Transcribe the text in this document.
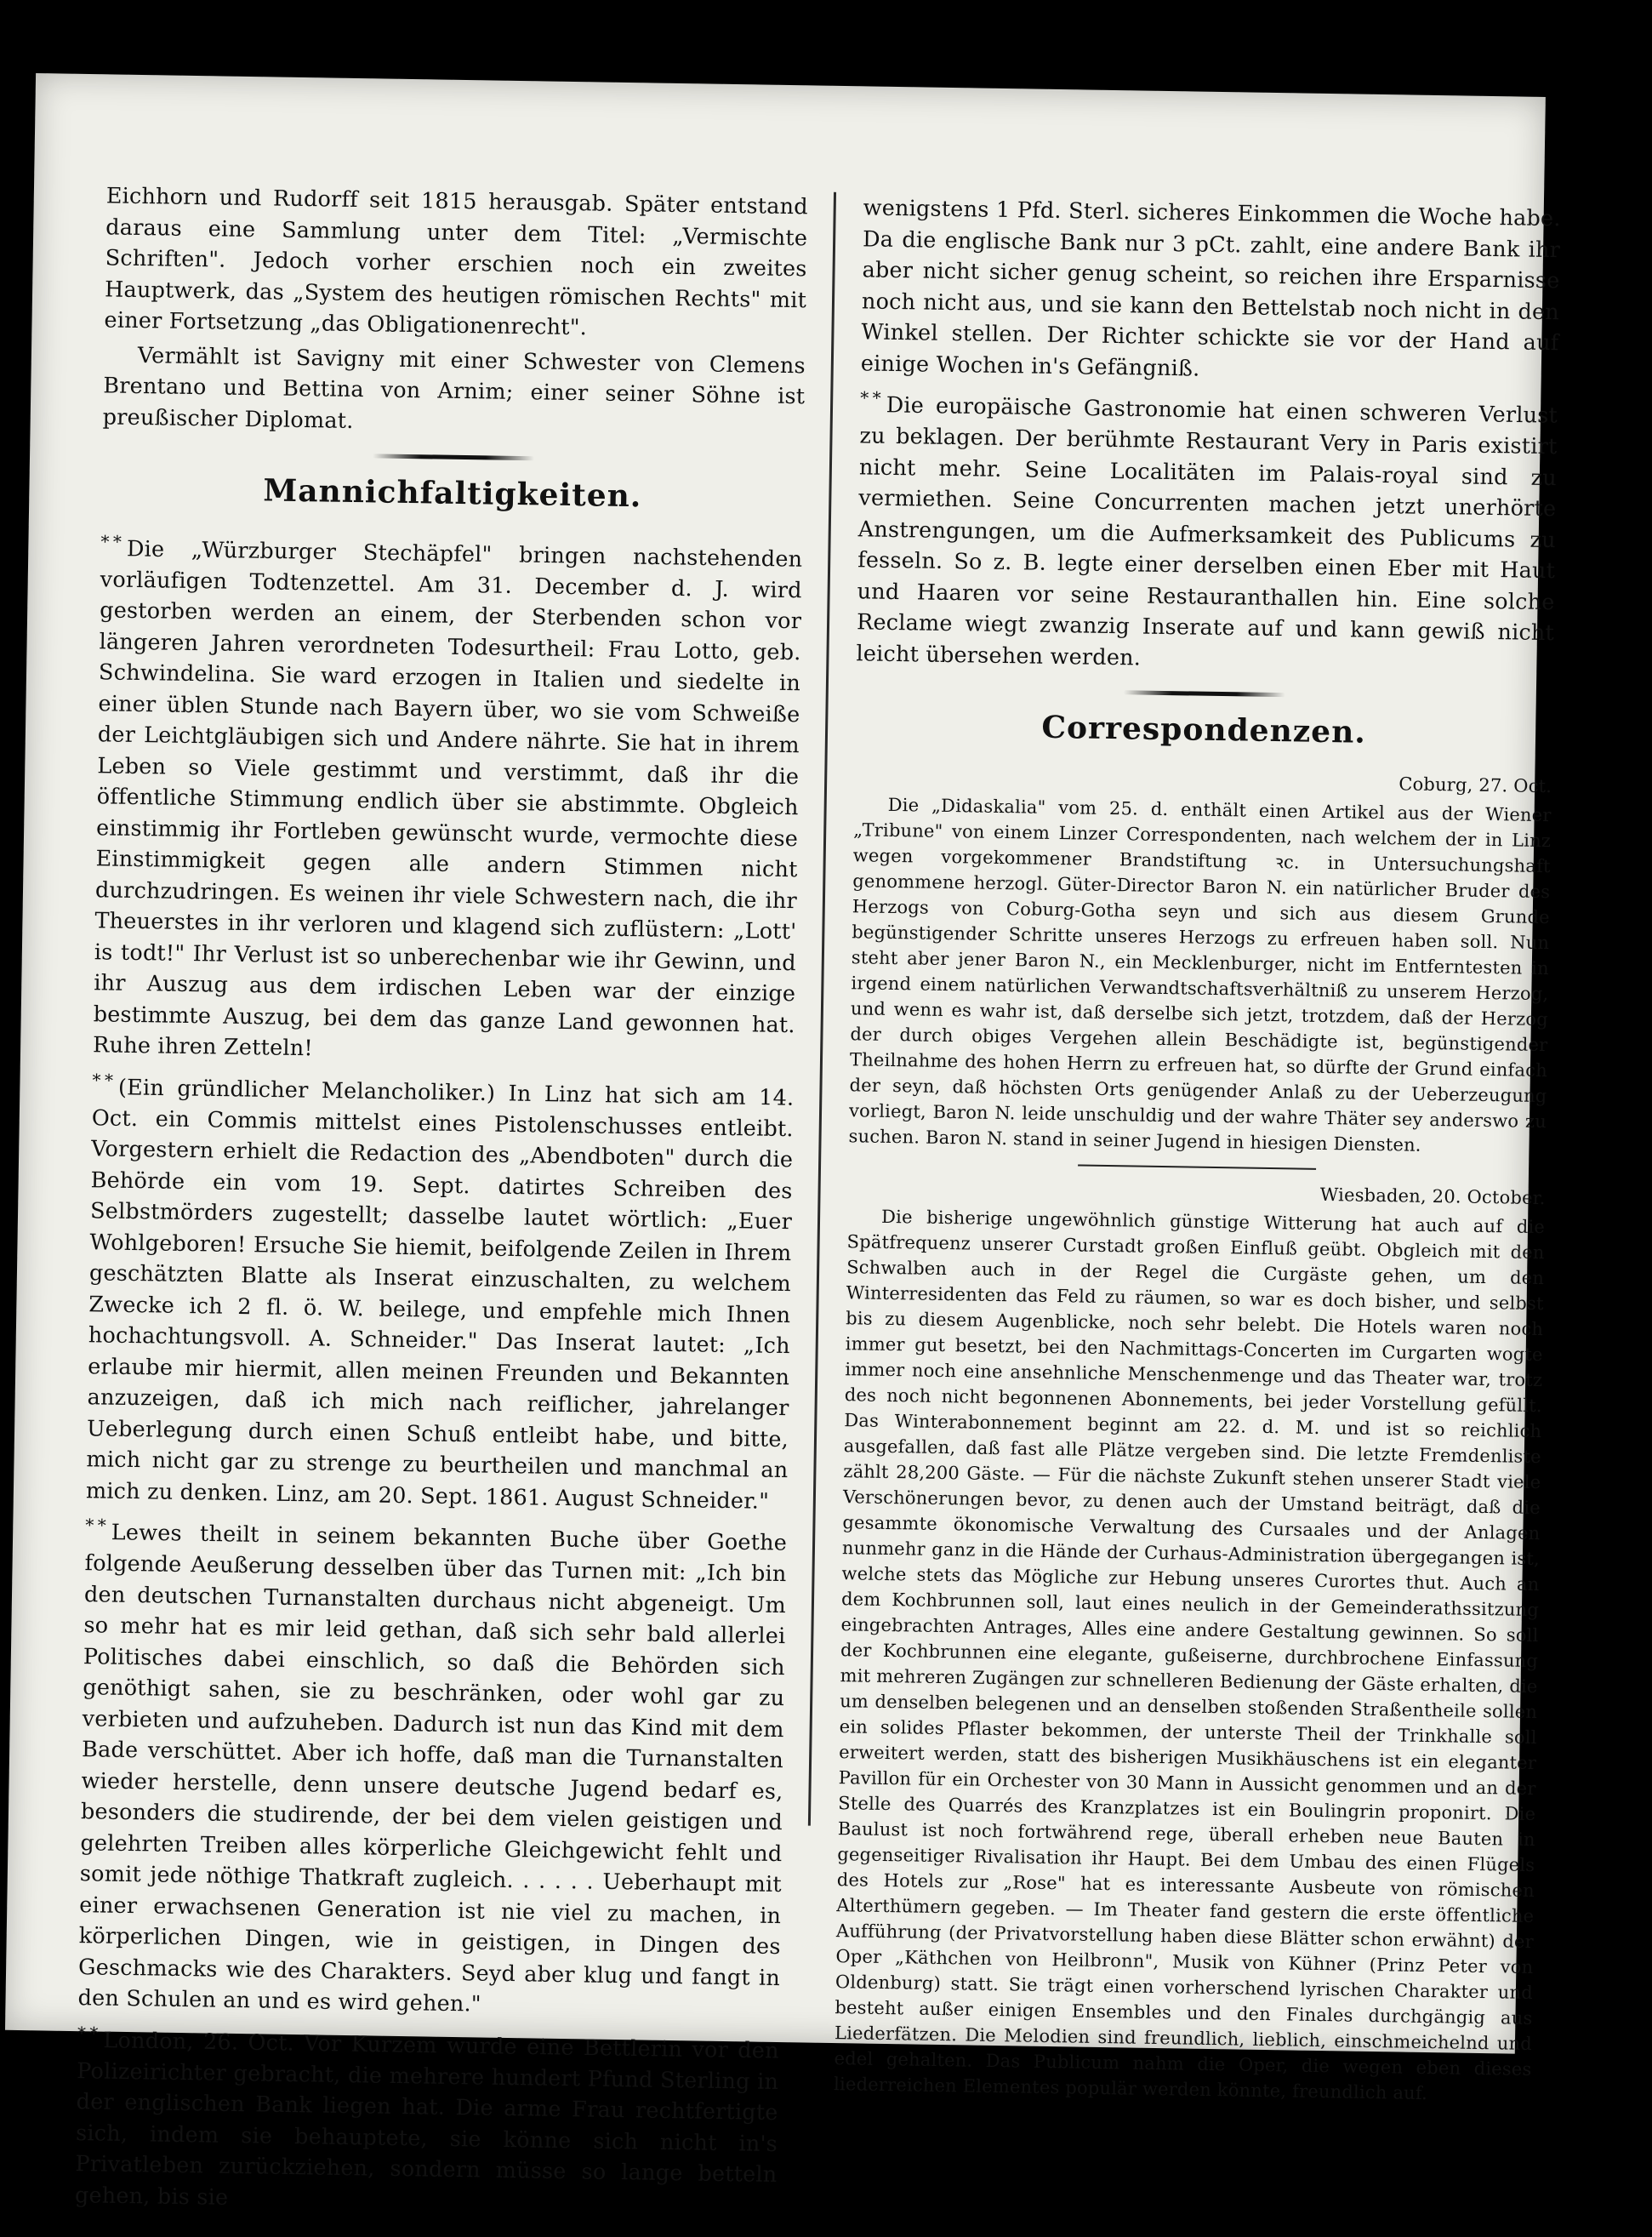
Eichhorn und Rudorff seit 1815 herausgab. Später entstand daraus eine Sammlung unter dem Titel: „Vermischte Schriften". Jedoch vorher erschien noch ein zweites Hauptwerk, das „System des heutigen römischen Rechts" mit einer Fortsetzung „das Obligationenrecht".

Vermählt ist Savigny mit einer Schwester von Clemens Brentano und Bettina von Arnim; einer seiner Söhne ist preußischer Diplomat.

Mannichfaltigkeiten.

* * Die „Würzburger Stechäpfel" bringen nachstehenden vorläufigen Todtenzettel. Am 31. December d. J. wird gestorben werden an einem, der Sterbenden schon vor längeren Jahren verordneten Todesurtheil: Frau Lotto, geb. Schwindelina. Sie ward erzogen in Italien und siedelte in einer üblen Stunde nach Bayern über, wo sie vom Schweiße der Leichtgläubigen sich und Andere nährte. Sie hat in ihrem Leben so Viele gestimmt und verstimmt, daß ihr die öffentliche Stimmung endlich über sie abstimmte. Obgleich einstimmig ihr Fortleben gewünscht wurde, vermochte diese Einstimmigkeit gegen alle andern Stimmen nicht durchzudringen. Es weinen ihr viele Schwestern nach, die ihr Theuerstes in ihr verloren und klagend sich zuflüstern: „Lott' is todt!" Ihr Verlust ist so unberechenbar wie ihr Gewinn, und ihr Auszug aus dem irdischen Leben war der einzige bestimmte Auszug, bei dem das ganze Land gewonnen hat. Ruhe ihren Zetteln!

* * (Ein gründlicher Melancholiker.) In Linz hat sich am 14. Oct. ein Commis mittelst eines Pistolenschusses entleibt. Vorgestern erhielt die Redaction des „Abendboten" durch die Behörde ein vom 19. Sept. datirtes Schreiben des Selbstmörders zugestellt; dasselbe lautet wörtlich: „Euer Wohlgeboren! Ersuche Sie hiemit, beifolgende Zeilen in Ihrem geschätzten Blatte als Inserat einzuschalten, zu welchem Zwecke ich 2 fl. ö. W. beilege, und empfehle mich Ihnen hochachtungsvoll. A. Schneider." Das Inserat lautet: „Ich erlaube mir hiermit, allen meinen Freunden und Bekannten anzuzeigen, daß ich mich nach reiflicher, jahrelanger Ueberlegung durch einen Schuß entleibt habe, und bitte, mich nicht gar zu strenge zu beurtheilen und manchmal an mich zu denken. Linz, am 20. Sept. 1861. August Schneider."

* * Lewes theilt in seinem bekannten Buche über Goethe folgende Aeußerung desselben über das Turnen mit: „Ich bin den deutschen Turnanstalten durchaus nicht abgeneigt. Um so mehr hat es mir leid gethan, daß sich sehr bald allerlei Politisches dabei einschlich, so daß die Behörden sich genöthigt sahen, sie zu beschränken, oder wohl gar zu verbieten und aufzuheben. Dadurch ist nun das Kind mit dem Bade verschüttet. Aber ich hoffe, daß man die Turnanstalten wieder herstelle, denn unsere deutsche Jugend bedarf es, besonders die studirende, der bei dem vielen geistigen und gelehrten Treiben alles körperliche Gleichgewicht fehlt und somit jede nöthige Thatkraft zugleich. . . . . . Ueberhaupt mit einer erwachsenen Generation ist nie viel zu machen, in körperlichen Dingen, wie in geistigen, in Dingen des Geschmacks wie des Charakters. Seyd aber klug und fangt in den Schulen an und es wird gehen."

* * London, 26. Oct. Vor Kurzem wurde eine Bettlerin vor den Polizeirichter gebracht, die mehrere hundert Pfund Sterling in der englischen Bank liegen hat. Die arme Frau rechtfertigte sich, indem sie behauptete, sie könne sich nicht in's Privatleben zurückziehen, sondern müsse so lange betteln gehen, bis sie

wenigstens 1 Pfd. Sterl. sicheres Einkommen die Woche habe. Da die englische Bank nur 3 pCt. zahlt, eine andere Bank ihr aber nicht sicher genug scheint, so reichen ihre Ersparnisse noch nicht aus, und sie kann den Bettelstab noch nicht in den Winkel stellen. Der Richter schickte sie vor der Hand auf einige Wochen in's Gefängniß.

* * Die europäische Gastronomie hat einen schweren Verlust zu beklagen. Der berühmte Restaurant Very in Paris existirt nicht mehr. Seine Localitäten im Palais-royal sind zu vermiethen. Seine Concurrenten machen jetzt unerhörte Anstrengungen, um die Aufmerksamkeit des Publicums zu fesseln. So z. B. legte einer derselben einen Eber mit Haut und Haaren vor seine Restauranthallen hin. Eine solche Reclame wiegt zwanzig Inserate auf und kann gewiß nicht leicht übersehen werden.

Correspondenzen.
Coburg, 27. Oct.

Die „Didaskalia" vom 25. d. enthält einen Artikel aus der Wiener „Tribune" von einem Linzer Correspondenten, nach welchem der in Linz wegen vorgekommener Brandstiftung ꝛc. in Untersuchungshaft genommene herzogl. Güter-Director Baron N. ein natürlicher Bruder des Herzogs von Coburg-Gotha seyn und sich aus diesem Grunde begünstigender Schritte unseres Herzogs zu erfreuen haben soll. Nun steht aber jener Baron N., ein Mecklenburger, nicht im Entferntesten in irgend einem natürlichen Verwandtschaftsverhältniß zu unserem Herzog, und wenn es wahr ist, daß derselbe sich jetzt, trotzdem, daß der Herzog der durch obiges Vergehen allein Beschädigte ist, begünstigender Theilnahme des hohen Herrn zu erfreuen hat, so dürfte der Grund einfach der seyn, daß höchsten Orts genügender Anlaß zu der Ueberzeugung vorliegt, Baron N. leide unschuldig und der wahre Thäter sey anderswo zu suchen. Baron N. stand in seiner Jugend in hiesigen Diensten.

Wiesbaden, 20. October.

Die bisherige ungewöhnlich günstige Witterung hat auch auf die Spätfrequenz unserer Curstadt großen Einfluß geübt. Obgleich mit den Schwalben auch in der Regel die Curgäste gehen, um den Winterresidenten das Feld zu räumen, so war es doch bisher, und selbst bis zu diesem Augenblicke, noch sehr belebt. Die Hotels waren noch immer gut besetzt, bei den Nachmittags-Concerten im Curgarten wogte immer noch eine ansehnliche Menschenmenge und das Theater war, trotz des noch nicht begonnenen Abonnements, bei jeder Vorstellung gefüllt. Das Winterabonnement beginnt am 22. d. M. und ist so reichlich ausgefallen, daß fast alle Plätze vergeben sind. Die letzte Fremdenliste zählt 28,200 Gäste. — Für die nächste Zukunft stehen unserer Stadt viele Verschönerungen bevor, zu denen auch der Umstand beiträgt, daß die gesammte ökonomische Verwaltung des Cursaales und der Anlagen nunmehr ganz in die Hände der Curhaus-Administration übergegangen ist, welche stets das Mögliche zur Hebung unseres Curortes thut. Auch an dem Kochbrunnen soll, laut eines neulich in der Gemeinderathssitzung eingebrachten Antrages, Alles eine andere Gestaltung gewinnen. So soll der Kochbrunnen eine elegante, gußeiserne, durchbrochene Einfassung mit mehreren Zugängen zur schnelleren Bedienung der Gäste erhalten, die um denselben belegenen und an denselben stoßenden Straßentheile sollen ein solides Pflaster bekommen, der unterste Theil der Trinkhalle soll erweitert werden, statt des bisherigen Musikhäuschens ist ein eleganter Pavillon für ein Orchester von 30 Mann in Aussicht genommen und an der Stelle des Quarrés des Kranzplatzes ist ein Boulingrin proponirt. Die Baulust ist noch fortwährend rege, überall erheben neue Bauten in gegenseitiger Rivalisation ihr Haupt. Bei dem Umbau des einen Flügels des Hotels zur „Rose" hat es interessante Ausbeute von römischen Alterthümern gegeben. — Im Theater fand gestern die erste öffentliche Aufführung (der Privatvorstellung haben diese Blätter schon erwähnt) der Oper „Käthchen von Heilbronn", Musik von Kühner (Prinz Peter von Oldenburg) statt. Sie trägt einen vorherschend lyrischen Charakter und besteht außer einigen Ensembles und den Finales durchgängig aus Liederfätzen. Die Melodien sind freundlich, lieblich, einschmeichelnd und edel gehalten. Das Publicum nahm die Oper, die wegen eben dieses liederreichen Elementes populär werden könnte, freundlich auf.
